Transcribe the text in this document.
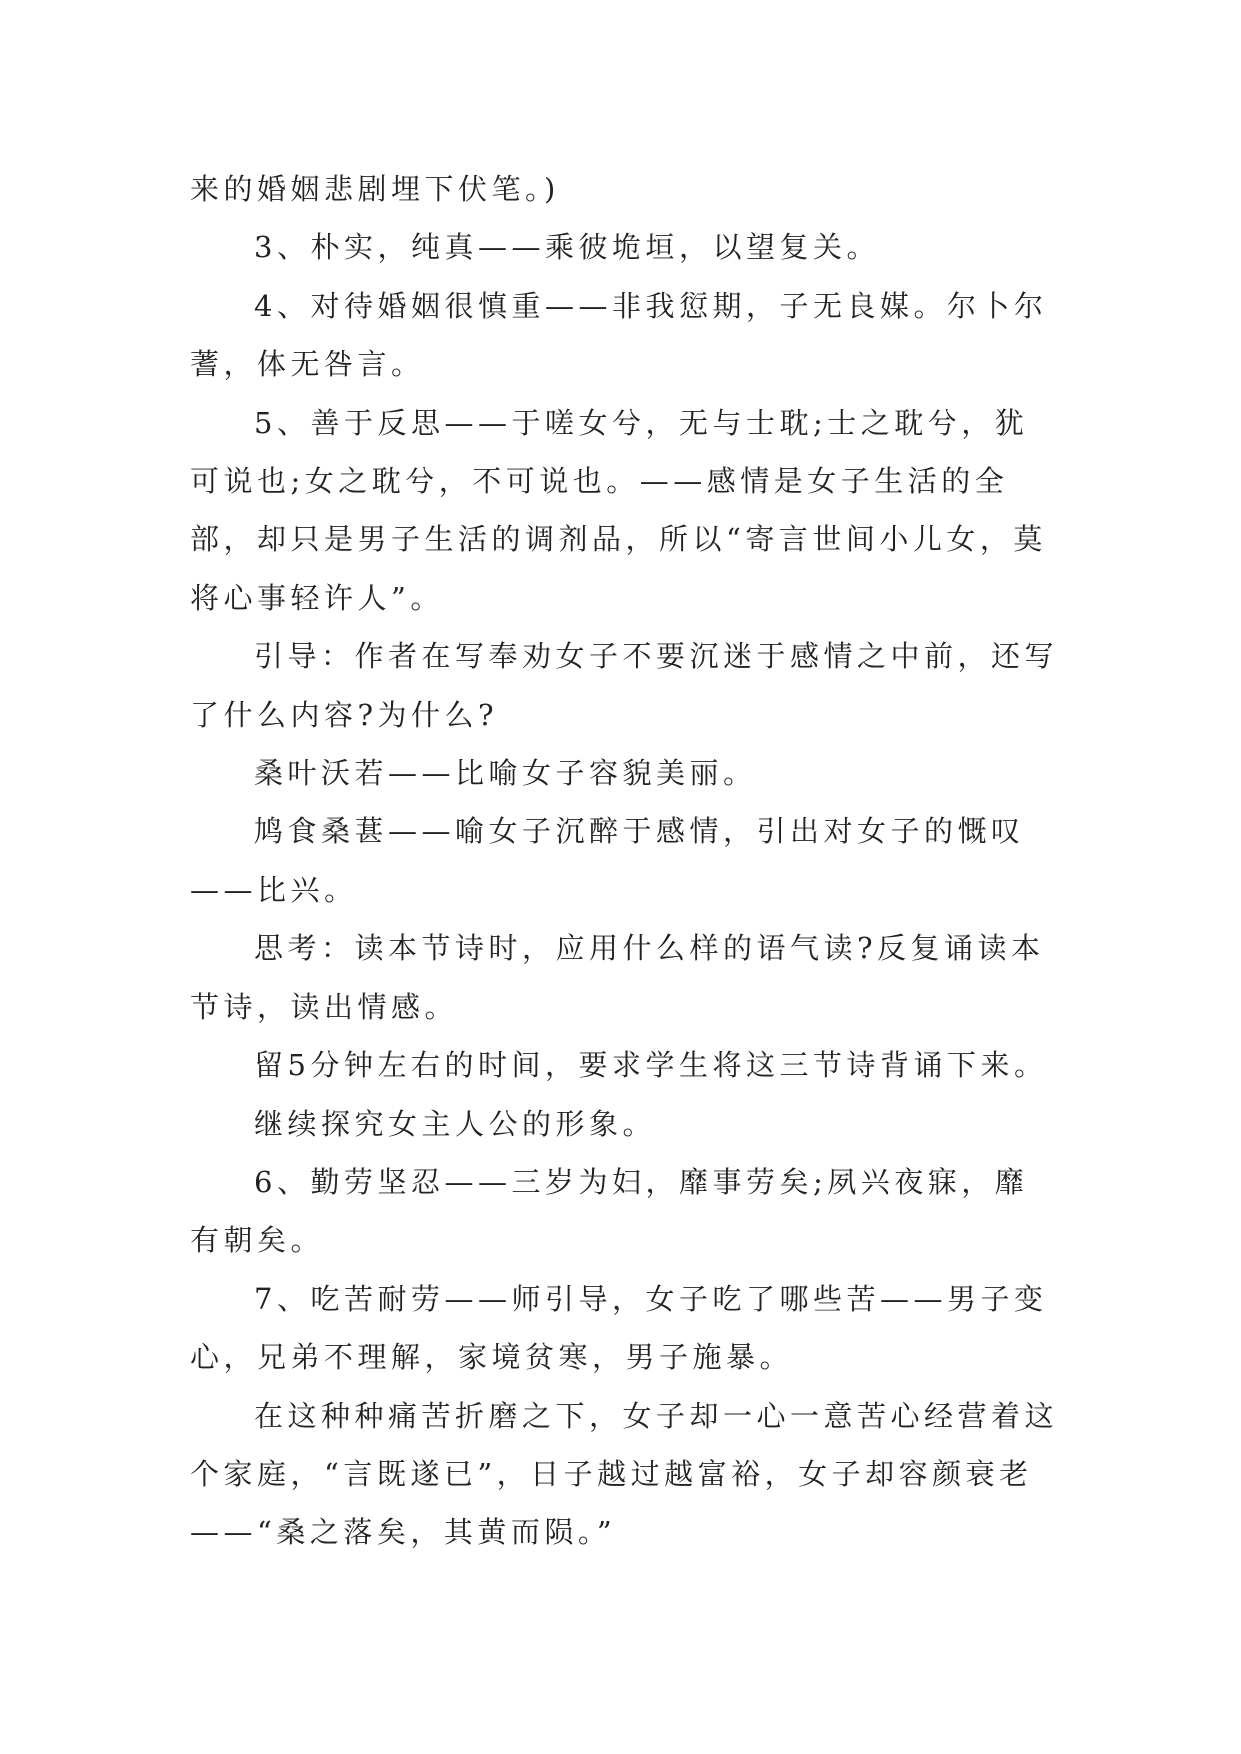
来的婚姻悲剧埋下伏笔。)

3、朴实，纯真——乘彼垝垣，以望复关。

4、对待婚姻很慎重——非我愆期，子无良媒。尔卜尔蓍，体无咎言。

5、善于反思——于嗟女兮，无与士耽;士之耽兮，犹可说也;女之耽兮，不可说也。——感情是女子生活的全部，却只是男子生活的调剂品，所以“寄言世间小儿女，莫将心事轻许人”。

引导：作者在写奉劝女子不要沉迷于感情之中前，还写了什么内容?为什么?

桑叶沃若——比喻女子容貌美丽。

鸠食桑葚——喻女子沉醉于感情，引出对女子的慨叹——比兴。

思考：读本节诗时，应用什么样的语气读?反复诵读本节诗，读出情感。

留5分钟左右的时间，要求学生将这三节诗背诵下来。

继续探究女主人公的形象。

6、勤劳坚忍——三岁为妇，靡事劳矣;夙兴夜寐，靡有朝矣。

7、吃苦耐劳——师引导，女子吃了哪些苦——男子变心，兄弟不理解，家境贫寒，男子施暴。

在这种种痛苦折磨之下，女子却一心一意苦心经营着这个家庭，“言既遂已”，日子越过越富裕，女子却容颜衰老——“桑之落矣，其黄而陨。”
